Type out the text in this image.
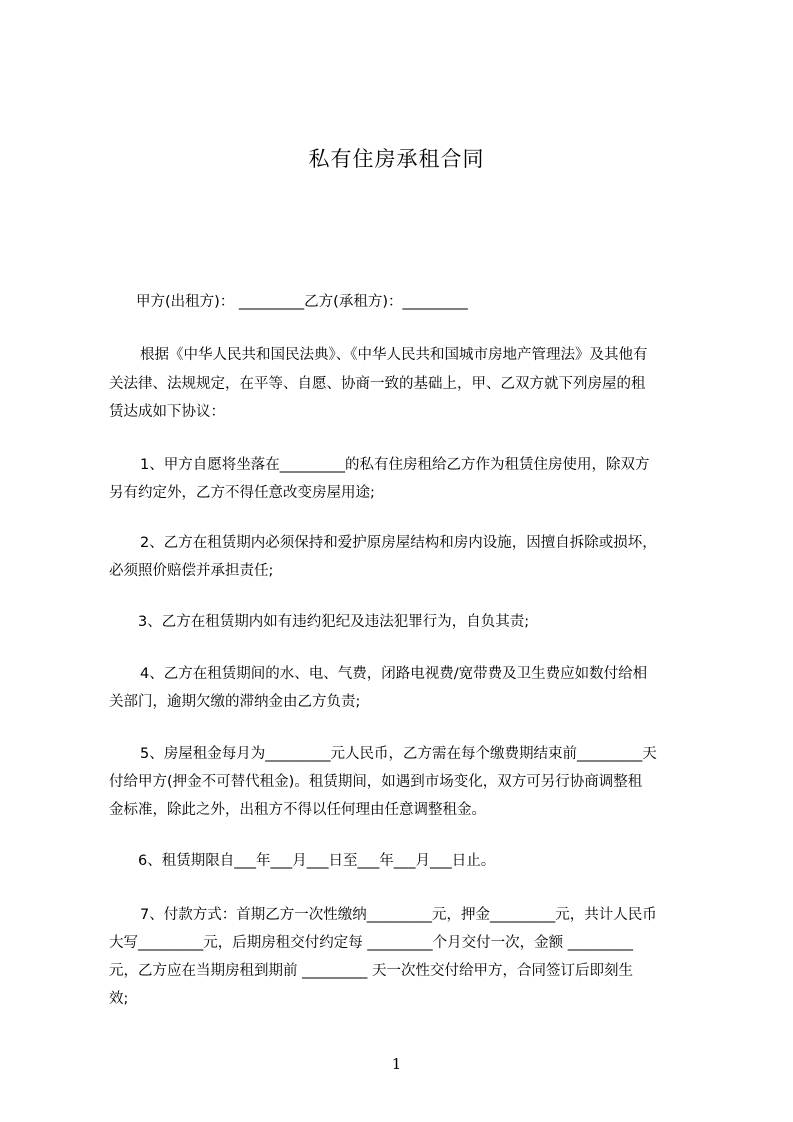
私有住房承租合同
甲方(出租方)： _________乙方(承租方)：_________
根据《中华人民共和国民法典》、《中华人民共和国城市房地产管理法》及其他有
关法律、法规规定，在平等、自愿、协商一致的基础上，甲、乙双方就下列房屋的租
赁达成如下协议：
1、甲方自愿将坐落在_________的私有住房租给乙方作为租赁住房使用，除双方
另有约定外，乙方不得任意改变房屋用途;
2、乙方在租赁期内必须保持和爱护原房屋结构和房内设施，因擅自拆除或损坏，
必须照价赔偿并承担责任;
3、乙方在租赁期内如有违约犯纪及违法犯罪行为，自负其责;
4、乙方在租赁期间的水、电、气费，闭路电视费/宽带费及卫生费应如数付给相
关部门，逾期欠缴的滞纳金由乙方负责;
5、房屋租金每月为_________元人民币，乙方需在每个缴费期结束前_________天
付给甲方(押金不可替代租金)。租赁期间，如遇到市场变化，双方可另行协商调整租
金标准，除此之外，出租方不得以任何理由任意调整租金。
6、租赁期限自___年___月___日至___年___月___日止。
7、付款方式：首期乙方一次性缴纳_________元，押金_________元，共计人民币
大写_________元，后期房租交付约定每 _________个月交付一次，金额 _________
元，乙方应在当期房租到期前 _________ 天一次性交付给甲方，合同签订后即刻生
效;
1
